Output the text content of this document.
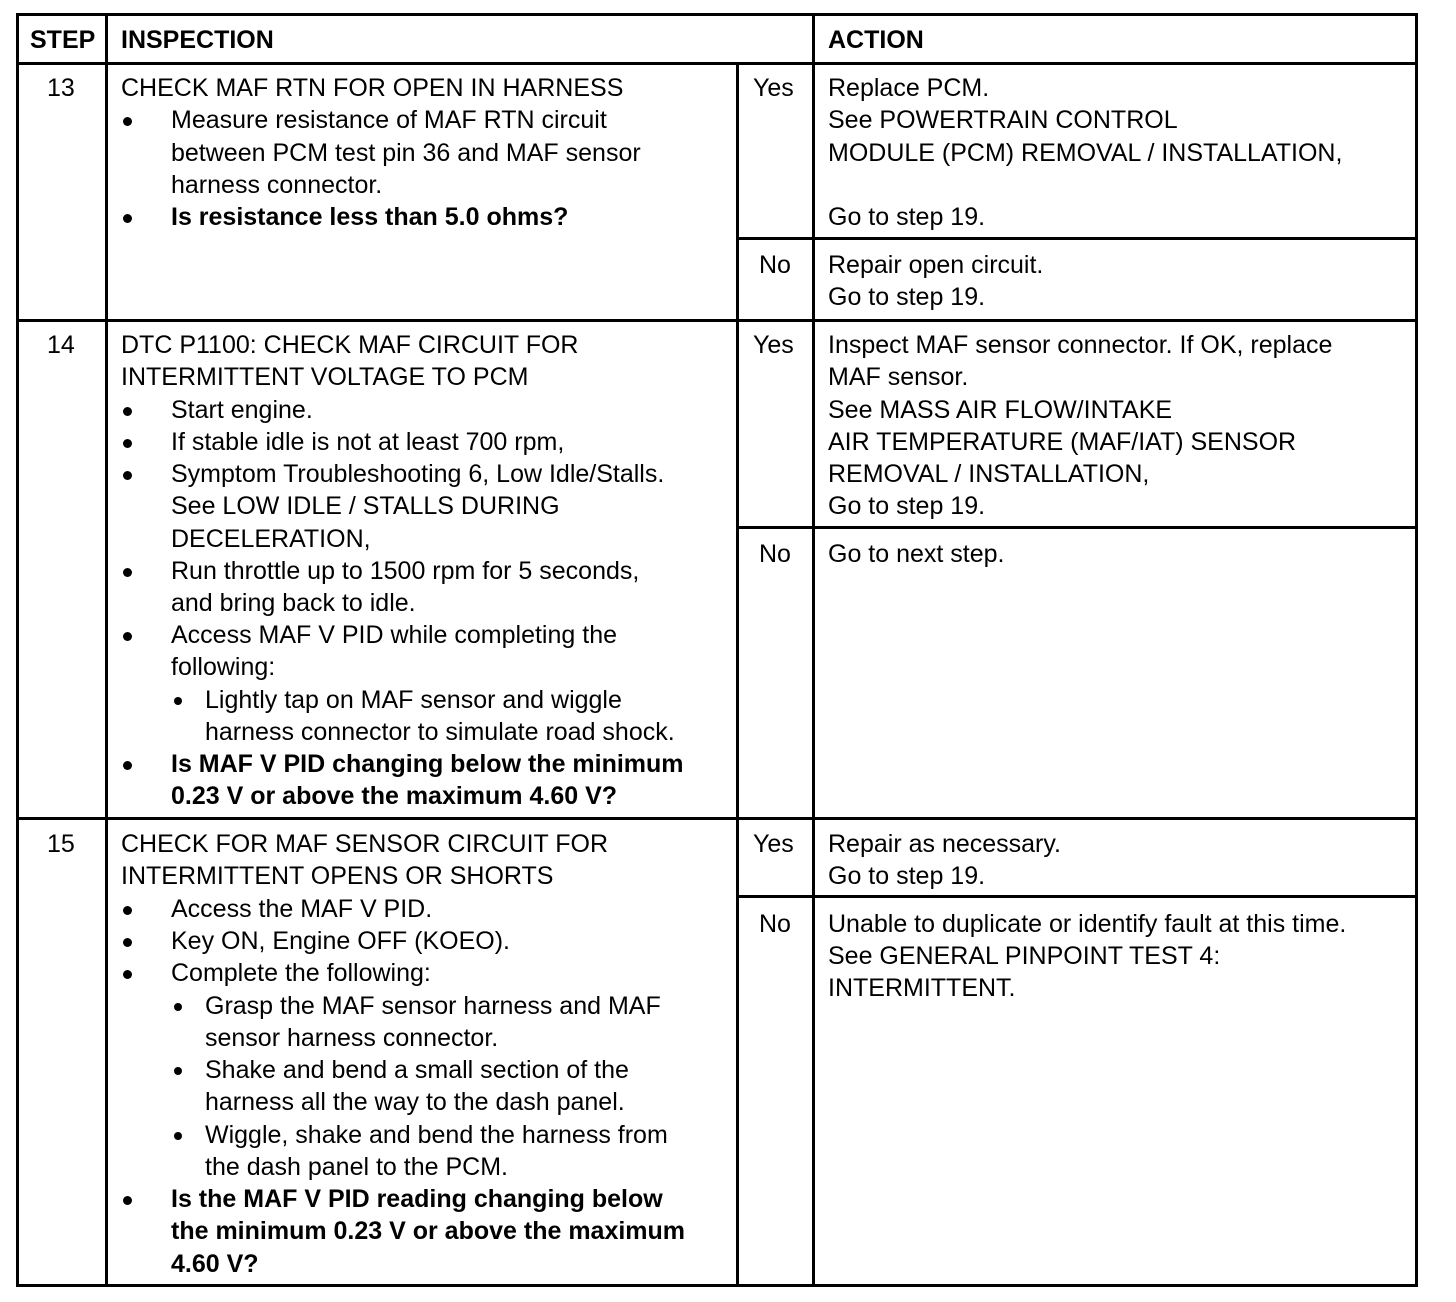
STEP INSPECTION	ACTION
13 CHECK MAF RTN FOR OPEN IN HARNESS
Measure resistance of MAF RTN circuit
between PCM test pin 36 and MAF sensor
harness connector.
Is resistance less than 5.0 ohms?
Yes Replace PCM.
See POWERTRAIN CONTROL
MODULE (PCM) REMOVAL / INSTALLATION,
Go to step 19.
No Repair open circuit.
Go to step 19.
14 DTC P1100: CHECK MAF CIRCUIT FOR
INTERMITTENT VOLTAGE TO PCM
Start engine.
If stable idle is not at least 700 rpm,
Symptom Troubleshooting 6, Low Idle/Stalls.
See LOW IDLE / STALLS DURING
DECELERATION,
Run throttle up to 1500 rpm for 5 seconds,
and bring back to idle.
Access MAF V PID while completing the
following:
Lightly tap on MAF sensor and wiggle
harness connector to simulate road shock.
Is MAF V PID changing below the minimum
0.23 V or above the maximum 4.60 V?
Yes Inspect MAF sensor connector. If OK, replace
MAF sensor.
See MASS AIR FLOW/INTAKE
AIR TEMPERATURE (MAF/IAT) SENSOR
REMOVAL / INSTALLATION,
Go to step 19.
No Go to next step.
15 CHECK FOR MAF SENSOR CIRCUIT FOR
INTERMITTENT OPENS OR SHORTS
Access the MAF V PID.
Key ON, Engine OFF (KOEO).
Complete the following:
Grasp the MAF sensor harness and MAF
sensor harness connector.
Shake and bend a small section of the
harness all the way to the dash panel.
Wiggle, shake and bend the harness from
the dash panel to the PCM.
Is the MAF V PID reading changing below
the minimum 0.23 V or above the maximum
4.60 V?
Yes Repair as necessary.
Go to step 19.
No Unable to duplicate or identify fault at this time.
See GENERAL PINPOINT TEST 4:
INTERMITTENT.
